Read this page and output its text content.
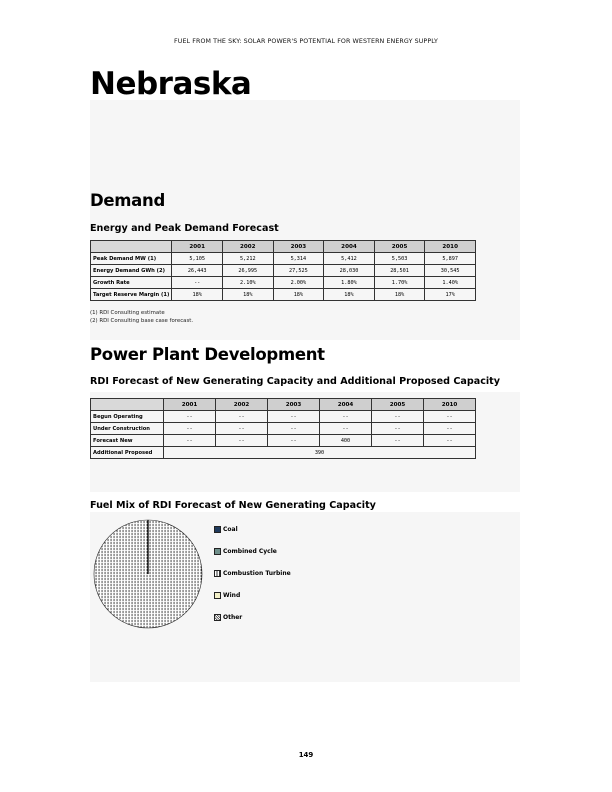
FUEL FROM THE SKY: SOLAR POWER'S POTENTIAL FOR WESTERN ENERGY SUPPLY
Nebraska
Demand
Energy and Peak Demand Forecast
	2001	2002	2003	2004	2005	2010
Peak Demand MW (1)	5,105	5,212	5,314	5,412	5,503	5,897
Energy Demand GWh (2)	26,443	26,995	27,525	28,030	28,501	30,545
Growth Rate	--	2.10%	2.00%	1.80%	1.70%	1.40%
Target Reserve Margin (1)	18%	18%	18%	18%	18%	17%
(1) RDI Consulting estimate
(2) RDI Consulting base case forecast.
Power Plant Development
RDI Forecast of New Generating Capacity and Additional Proposed Capacity
	2001	2002	2003	2004	2005	2010
Begun Operating	--	--	--	--	--	--
Under Construction	--	--	--	--	--	--
Forecast New	--	--	--	400	--	--
Additional Proposed	390					
Fuel Mix of RDI Forecast of New Generating Capacity
Coal
Combined Cycle
Combustion Turbine
Wind
Other
149
